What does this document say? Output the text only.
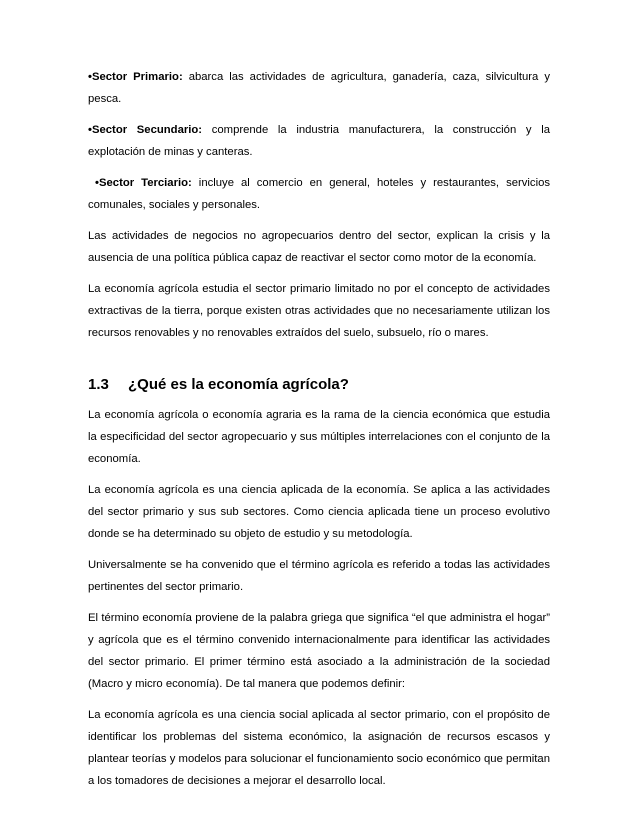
•Sector Primario: abarca las actividades de agricultura, ganadería, caza, silvicultura y pesca.

•Sector Secundario: comprende la industria manufacturera, la construcción y la explotación de minas y canteras.

•Sector Terciario: incluye al comercio en general, hoteles y restaurantes, servicios comunales, sociales y personales.

Las actividades de negocios no agropecuarios dentro del sector, explican la crisis y la ausencia de una política pública capaz de reactivar el sector como motor de la economía.

La economía agrícola estudia el sector primario limitado no por el concepto de actividades extractivas de la tierra, porque existen otras actividades que no necesariamente utilizan los recursos renovables y no renovables extraídos del suelo, subsuelo, río o mares.

1.3	¿Qué es la economía agrícola?

La economía agrícola o economía agraria es la rama de la ciencia económica que estudia la especificidad del sector agropecuario y sus múltiples interrelaciones con el conjunto de la economía.

La economía agrícola es una ciencia aplicada de la economía. Se aplica a las actividades del sector primario y sus sub sectores. Como ciencia aplicada tiene un proceso evolutivo donde se ha determinado su objeto de estudio y su metodología.

Universalmente se ha convenido que el término agrícola es referido a todas las actividades pertinentes del sector primario.

El término economía proviene de la palabra griega que significa “el que administra el hogar” y agrícola que es el término convenido internacionalmente para identificar las actividades del sector primario. El primer término está asociado a la administración de la sociedad (Macro y micro economía). De tal manera que podemos definir:

La economía agrícola es una ciencia social aplicada al sector primario, con el propósito de identificar los problemas del sistema económico, la asignación de recursos escasos y plantear teorías y modelos para solucionar el funcionamiento socio económico que permitan a los tomadores de decisiones a mejorar el desarrollo local.
